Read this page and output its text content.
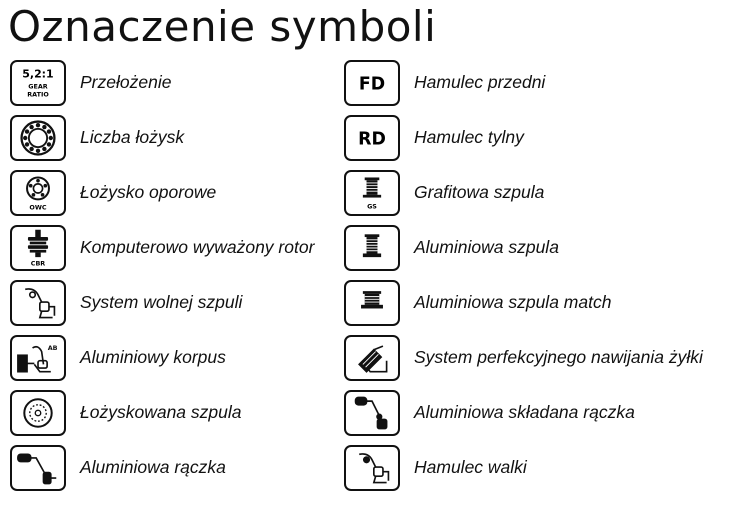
Oznaczenie symboli
5,2:1
GEAR
RATIO
Przełożenie
Liczba łożysk
OWC
Łożysko oporowe
CBR
Komputerowo wyważony rotor
System wolnej szpuli
AB Aluminiowy korpus
Łożyskowana szpula
Aluminiowa rączka
FD Hamulec przedni
RD Hamulec tylny
GS
Grafitowa szpula
Aluminiowa szpula
Aluminiowa szpula match
System perfekcyjnego nawijania żyłki
Aluminiowa składana rączka
Hamulec walki
